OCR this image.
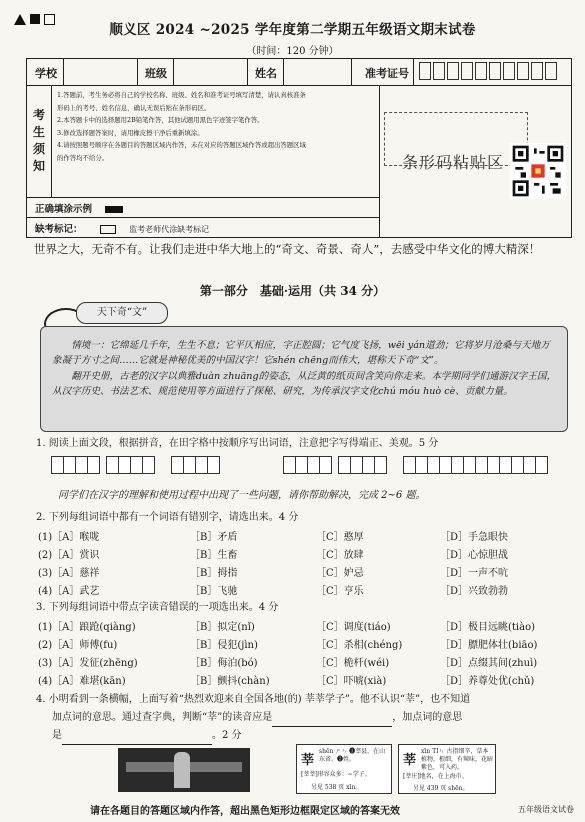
顺义区 2024 ~2025 学年度第二学期五年级语文期末试卷
（时间：120 分钟）
学校	班级	姓名	准考证号
考
生
须
知
1.答题前，考生务必将自己的学校名称、班级、姓名和准考证号填写清楚，请认真核准条
形码上的考号、姓名信息，确认无误后贴在条形码区。
2.本答题卡中的选择题用2B铅笔作答，其他试题用黑色字迹签字笔作答。
3.修改选择题答案时，请用橡皮擦干净后重新填涂。
4.请按照题号顺序在各题目的答题区域内作答，未在对应的答题区域作答或超出答题区域
的作答均不给分。
正确填涂示例
缺考标记：	监考老师代涂缺考标记
条形码粘贴区
世界之大，无奇不有。让我们走进中华大地上的“奇文、奇景、奇人”，去感受中华文化的博大精深！
第一部分　基础·运用（共 34 分）
天下奇“文”
情境一：它绵延几千年，生生不息；它平仄相应，字正腔圆；它气度飞扬，wēi yán道劲；它将岁月沧桑与天地万象凝于方寸之间……它就是神秘优美的中国汉字！它shén chēng而伟大，堪称天下奇“文”。
翻开史册，古老的汉字以典雅duàn zhuāng的姿态，从泛黄的纸页间含笑向你走来。本学期同学们通游汉字王国，从汉字历史、书法艺术、规范使用等方面进行了探秘、研究，为传承汉字文化chú móu huò cè、贡献力量。
1. 阅读上面文段，根据拼音，在田字格中按顺序写出词语，注意把字写得端正、美观。5 分
同学们在汉字的理解和使用过程中出现了一些问题，请你帮助解决，完成 2~6 题。
2. 下列每组词语中都有一个词语有错别字，请选出来。4 分
(1)［A］喉咙	［B］矛盾	［C］憨厚	［D］手急眼快
(2)［A］赏识	［B］生畜	［C］放肆	［D］心惊胆战
(3)［A］慈祥	［B］拇指	［C］妒忌	［D］一声不吭
(4)［A］武艺	［B］飞驰	［C］亨乐	［D］兴致勃勃
3. 下列每组词语中带点字读音错误的一项选出来。4 分
(1)［A］踉跄(qiàng)	［B］拟定(nǐ)	［C］调度(tiáo)	［D］极目远眺(tiào)
(2)［A］师傅(fu)	［B］侵犯(jìn)	［C］杀相(chéng)	［D］膘肥体壮(biāo)
(3)［A］发征(zhēng)	［B］侮泊(bó)	［C］桅杆(wéi)	［D］点缀其间(zhuì)
(4)［A］难堪(kān)	［B］颤抖(chàn)	［C］吓唬(xià)	［D］养尊处优(chǔ)
4. 小明看到一条横幅，上面写着“热烈欢迎来自全国各地(的) 莘莘学子”。他不认识“莘”，也不知道
加点词的意思。通过查字典，判断“莘”的读音应是	，加点词的意思
是	。2 分
莘
shēn ㄕㄣ ❶莘县，在山东省。❷姓。
[莘莘]形容众多：~学子。
另见 538 页 xīn。
莘
xīn TIㄣ 古指细辛，草本植物，根细，有辣味，花暗紫色，可入药。
[莘庄]地名，在上海市。
另见 439 页 shēn。
请在各题目的答题区域内作答，超出黑色矩形边框限定区域的答案无效	五年级语文试卷
